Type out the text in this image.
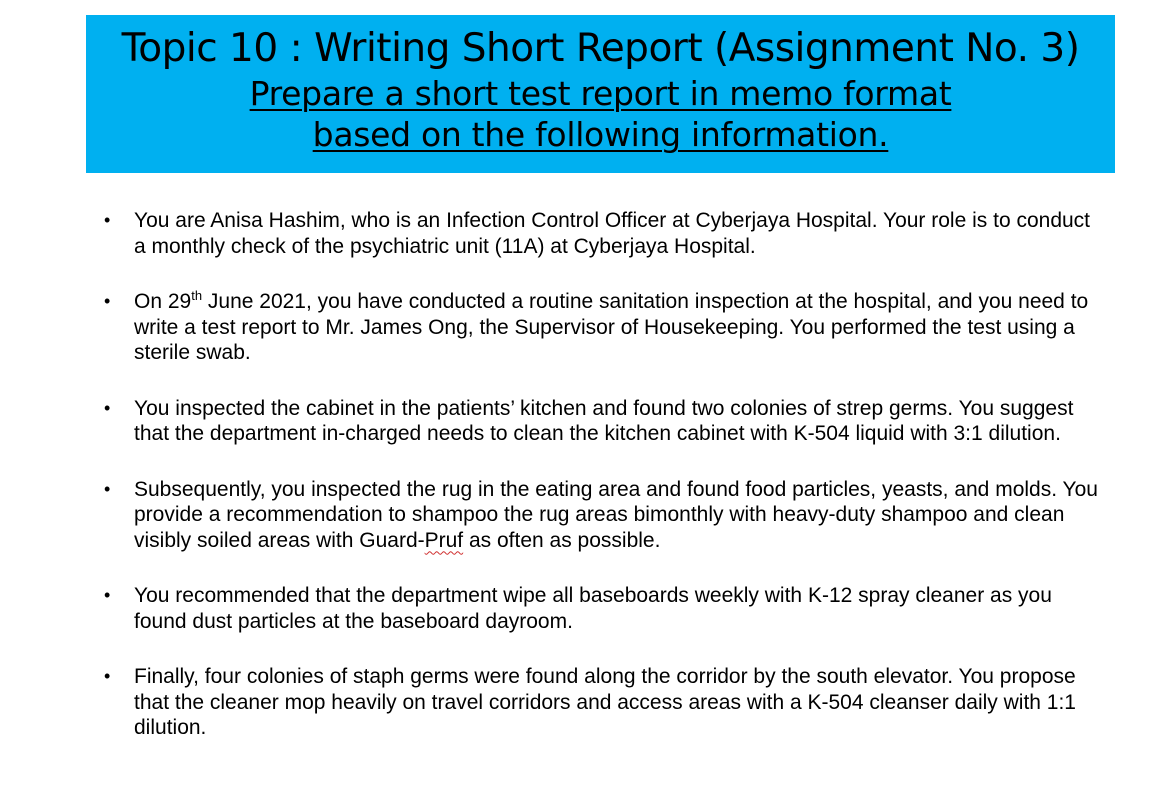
Topic 10 : Writing Short Report (Assignment No. 3)

Prepare a short test report in memo format
based on the following information.

• You are Anisa Hashim, who is an Infection Control Officer at Cyberjaya Hospital. Your role is to conduct a monthly check of the psychiatric unit (11A) at Cyberjaya Hospital.
• On 29th June 2021, you have conducted a routine sanitation inspection at the hospital, and you need to write a test report to Mr. James Ong, the Supervisor of Housekeeping. You performed the test using a sterile swab.
• You inspected the cabinet in the patients’ kitchen and found two colonies of strep germs. You suggest that the department in-charged needs to clean the kitchen cabinet with K-504 liquid with 3:1 dilution.
• Subsequently, you inspected the rug in the eating area and found food particles, yeasts, and molds. You provide a recommendation to shampoo the rug areas bimonthly with heavy-duty shampoo and clean visibly soiled areas with Guard-Pruf as often as possible.
• You recommended that the department wipe all baseboards weekly with K-12 spray cleaner as you found dust particles at the baseboard dayroom.
• Finally, four colonies of staph germs were found along the corridor by the south elevator. You propose that the cleaner mop heavily on travel corridors and access areas with a K-504 cleanser daily with 1:1 dilution.
